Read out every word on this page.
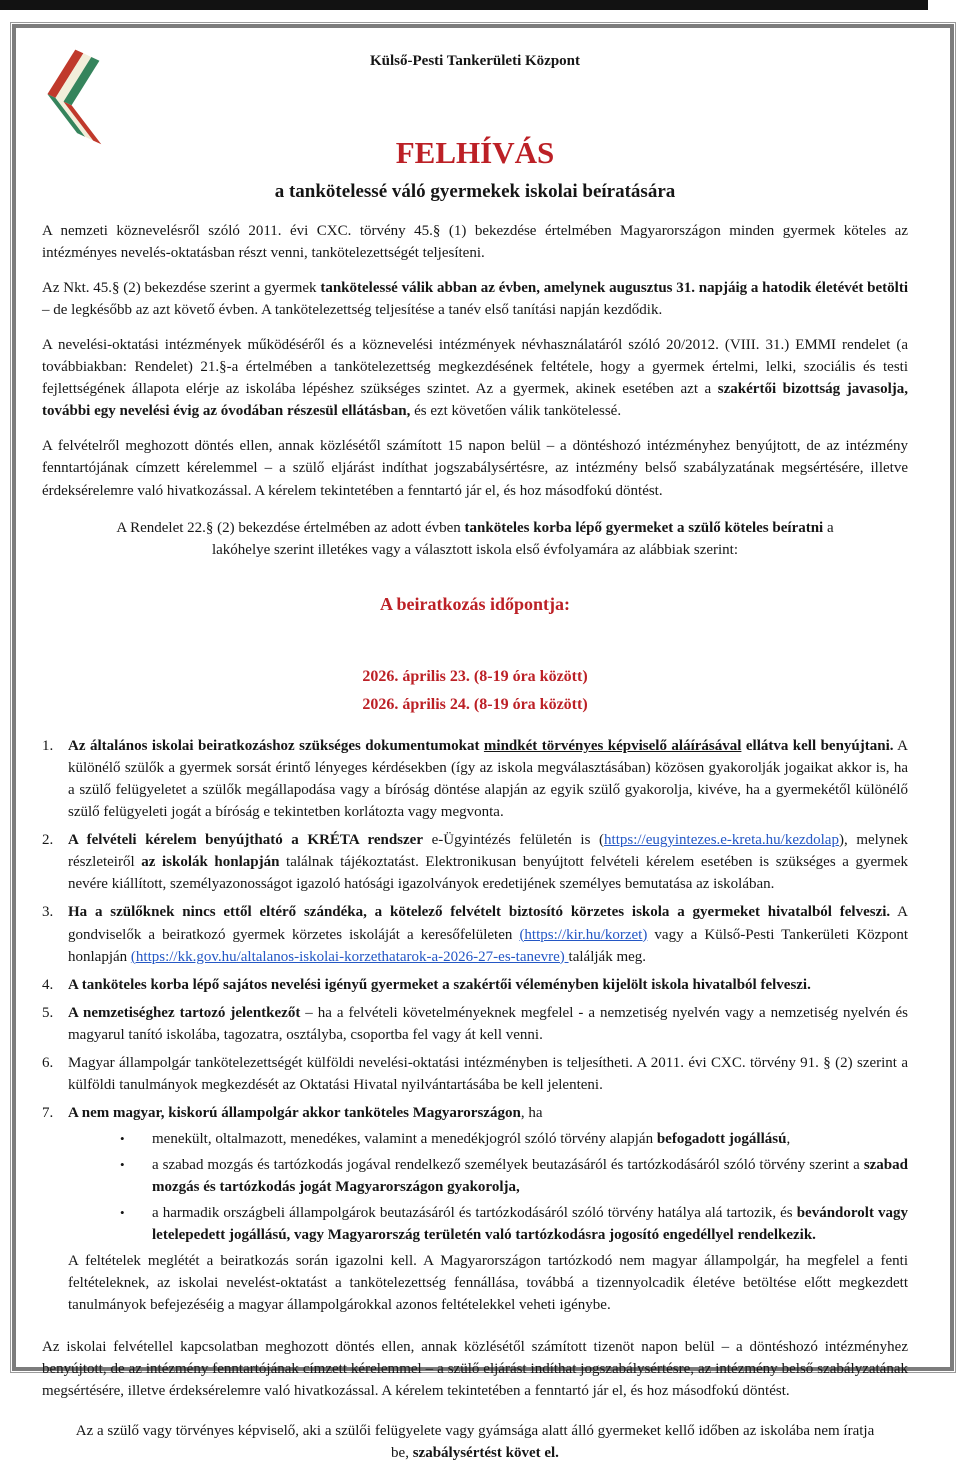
Külső-Pesti Tankerületi Központ
FELHÍVÁS
a tankötelessé váló gyermekek iskolai beíratására
A nemzeti köznevelésről szóló 2011. évi CXC. törvény 45.§ (1) bekezdése értelmében Magyarországon minden gyermek köteles az intézményes nevelés-oktatásban részt venni, tankötelezettségét teljesíteni.
Az Nkt. 45.§ (2) bekezdése szerint a gyermek tankötelessé válik abban az évben, amelynek augusztus 31. napjáig a hatodik életévét betölti – de legkésőbb az azt követő évben. A tankötelezettség teljesítése a tanév első tanítási napján kezdődik.
A nevelési-oktatási intézmények működéséről és a köznevelési intézmények névhasználatáról szóló 20/2012. (VIII. 31.) EMMI rendelet (a továbbiakban: Rendelet) 21.§-a értelmében a tankötelezettség megkezdésének feltétele, hogy a gyermek értelmi, lelki, szociális és testi fejlettségének állapota elérje az iskolába lépéshez szükséges szintet. Az a gyermek, akinek esetében azt a szakértői bizottság javasolja, további egy nevelési évig az óvodában részesül ellátásban, és ezt követően válik tankötelessé.
A felvételről meghozott döntés ellen, annak közlésétől számított 15 napon belül – a döntéshozó intézményhez benyújtott, de az intézmény fenntartójának címzett kérelemmel – a szülő eljárást indíthat jogszabálysértésre, az intézmény belső szabályzatának megsértésére, illetve érdeksérelemre való hivatkozással. A kérelem tekintetében a fenntartó jár el, és hoz másodfokú döntést.
A Rendelet 22.§ (2) bekezdése értelmében az adott évben tanköteles korba lépő gyermeket a szülő köteles beíratni a lakóhelye szerint illetékes vagy a választott iskola első évfolyamára az alábbiak szerint:
A beiratkozás időpontja:
2026. április 23. (8-19 óra között)
2026. április 24. (8-19 óra között)
1. Az általános iskolai beiratkozáshoz szükséges dokumentumokat mindkét törvényes képviselő aláírásával ellátva kell benyújtani. A különélő szülők a gyermek sorsát érintő lényeges kérdésekben (így az iskola megválasztásában) közösen gyakorolják jogaikat akkor is, ha a szülő felügyeletet a szülők megállapodása vagy a bíróság döntése alapján az egyik szülő gyakorolja, kivéve, ha a gyermekétől különélő szülő felügyeleti jogát a bíróság e tekintetben korlátozta vagy megvonta.
2. A felvételi kérelem benyújtható a KRÉTA rendszer e-Ügyintézés felületén is (https://eugyintezes.e-kreta.hu/kezdolap), melynek részleteiről az iskolák honlapján találnak tájékoztatást. Elektronikusan benyújtott felvételi kérelem esetében is szükséges a gyermek nevére kiállított, személyazonosságot igazoló hatósági igazolványok eredetijének személyes bemutatása az iskolában.
3. Ha a szülőknek nincs ettől eltérő szándéka, a kötelező felvételt biztosító körzetes iskola a gyermeket hivatalból felveszi. A gondviselők a beiratkozó gyermek körzetes iskoláját a keresőfelületen (https://kir.hu/korzet) vagy a Külső-Pesti Tankerületi Központ honlapján (https://kk.gov.hu/altalanos-iskolai-korzethatarok-a-2026-27-es-tanevre) találják meg.
4. A tanköteles korba lépő sajátos nevelési igényű gyermeket a szakértői véleményben kijelölt iskola hivatalból felveszi.
5. A nemzetiséghez tartozó jelentkezőt – ha a felvételi követelményeknek megfelel - a nemzetiség nyelvén vagy a nemzetiség nyelvén és magyarul tanító iskolába, tagozatra, osztályba, csoportba fel vagy át kell venni.
6. Magyar állampolgár tankötelezettségét külföldi nevelési-oktatási intézményben is teljesítheti. A 2011. évi CXC. törvény 91. § (2) szerint a külföldi tanulmányok megkezdését az Oktatási Hivatal nyilvántartásába be kell jelenteni.
7. A nem magyar, kiskorú állampolgár akkor tanköteles Magyarországon, ha
•	menekült, oltalmazott, menedékes, valamint a menedékjogról szóló törvény alapján befogadott jogállású,
•	a szabad mozgás és tartózkodás jogával rendelkező személyek beutazásáról és tartózkodásáról szóló törvény szerint a szabad mozgás és tartózkodás jogát Magyarországon gyakorolja,
•	a harmadik országbeli állampolgárok beutazásáról és tartózkodásáról szóló törvény hatálya alá tartozik, és bevándorolt vagy letelepedett jogállású, vagy Magyarország területén való tartózkodásra jogosító engedéllyel rendelkezik.
A feltételek meglétét a beiratkozás során igazolni kell. A Magyarországon tartózkodó nem magyar állampolgár, ha megfelel a fenti feltételeknek, az iskolai nevelést-oktatást a tankötelezettség fennállása, továbbá a tizennyolcadik életéve betöltése előtt megkezdett tanulmányok befejezéséig a magyar állampolgárokkal azonos feltételekkel veheti igénybe.
Az iskolai felvétellel kapcsolatban meghozott döntés ellen, annak közlésétől számított tizenöt napon belül – a döntéshozó intézményhez benyújtott, de az intézmény fenntartójának címzett kérelemmel – a szülő eljárást indíthat jogszabálysértésre, az intézmény belső szabályzatának megsértésére, illetve érdeksérelemre való hivatkozással. A kérelem tekintetében a fenntartó jár el, és hoz másodfokú döntést.
Az a szülő vagy törvényes képviselő, aki a szülői felügyelete vagy gyámsága alatt álló gyermeket kellő időben az iskolába nem íratja be, szabálysértést követ el.
